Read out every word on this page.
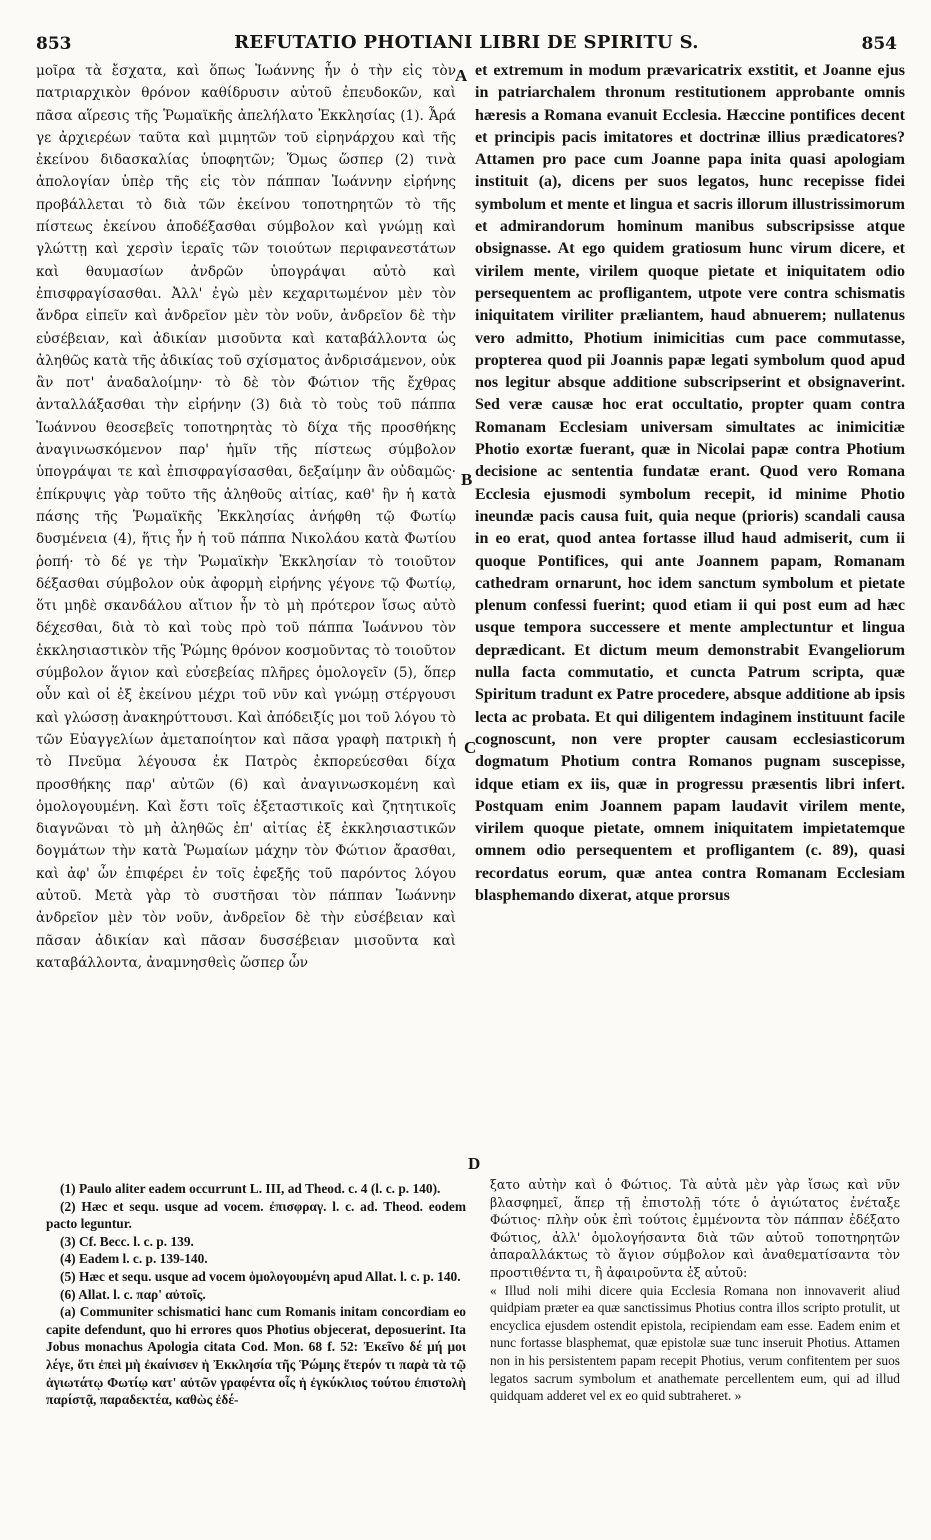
853	REFUTATIO PHOTIANI LIBRI DE SPIRITU S.	854

μοῖρα τὰ ἔσχατα, καὶ ὅπως Ἰωάννης ἦν ὁ τὴν εἰς τὸν πατριαρχικὸν θρόνον καθίδρυσιν αὐτοῦ ἐπευδοκῶν, καὶ πᾶσα αἵρεσις τῆς Ῥωμαϊκῆς ἀπελήλατο Ἐκκλησίας (1). Ἆρά γε ἀρχιερέων ταῦτα καὶ μιμητῶν τοῦ εἰρηνάρχου καὶ τῆς ἐκείνου διδασκαλίας ὑποφητῶν; Ὅμως ὥσπερ (2) τινὰ ἀπολογίαν ὑπὲρ τῆς εἰς τὸν πάππαν Ἰωάννην εἰρήνης προβάλλεται τὸ διὰ τῶν ἐκείνου τοποτηρητῶν τὸ τῆς πίστεως ἐκείνου ἀποδέξασθαι σύμβολον καὶ γνώμῃ καὶ γλώττῃ καὶ χερσὶν ἱεραῖς τῶν τοιούτων περιφανεστάτων καὶ θαυμασίων ἀνδρῶν ὑπογράψαι αὐτὸ καὶ ἐπισφραγίσασθαι. Ἀλλ' ἐγὼ μὲν κεχαριτωμένον μὲν τὸν ἄνδρα εἰπεῖν καὶ ἀνδρεῖον μὲν τὸν νοῦν, ἀνδρεῖον δὲ τὴν εὐσέβειαν, καὶ ἀδικίαν μισοῦντα καὶ καταβάλλοντα ὡς ἀληθῶς κατὰ τῆς ἀδικίας τοῦ σχίσματος ἀνδρισάμενον, οὐκ ἂν ποτ' ἀναδαλοίμην· τὸ δὲ τὸν Φώτιον τῆς ἔχθρας ἀνταλλάξασθαι τὴν εἰρήνην (3) διὰ τὸ τοὺς τοῦ πάππα Ἰωάννου θεοσεβεῖς τοποτηρητὰς τὸ δίχα τῆς προσθήκης ἀναγινωσκόμενον παρ' ἡμῖν τῆς πίστεως σύμβολον ὑπογράψαι τε καὶ ἐπισφραγίσασθαι, δεξαίμην ἂν οὐδαμῶς· ἐπίκρυψις γὰρ τοῦτο τῆς ἀληθοῦς αἰτίας, καθ' ἣν ἡ κατὰ πάσης τῆς Ῥωμαϊκῆς Ἐκκλησίας ἀνήφθη τῷ Φωτίῳ δυσμένεια (4), ἥτις ἦν ἡ τοῦ πάππα Νικολάου κατὰ Φωτίου ῥοπή· τὸ δέ γε τὴν Ῥωμαϊκὴν Ἐκκλησίαν τὸ τοιοῦτον δέξασθαι σύμβολον οὐκ ἀφορμὴ εἰρήνης γέγονε τῷ Φωτίῳ, ὅτι μηδὲ σκανδάλου αἴτιον ἦν τὸ μὴ πρότερον ἴσως αὐτὸ δέχεσθαι, διὰ τὸ καὶ τοὺς πρὸ τοῦ πάππα Ἰωάννου τὸν ἐκκλησιαστικὸν τῆς Ῥώμης θρόνον κοσμοῦντας τὸ τοιοῦτον σύμβολον ἅγιον καὶ εὐσεβείας πλῆρες ὁμολογεῖν (5), ὅπερ οὖν καὶ οἱ ἐξ ἐκείνου μέχρι τοῦ νῦν καὶ γνώμῃ στέργουσι καὶ γλώσσῃ ἀνακηρύττουσι. Καὶ ἀπόδειξίς μοι τοῦ λόγου τὸ τῶν Εὐαγγελίων ἀμεταποίητον καὶ πᾶσα γραφὴ πατρικὴ ἡ τὸ Πνεῦμα λέγουσα ἐκ Πατρὸς ἐκπορεύεσθαι δίχα προσθήκης παρ' αὐτῶν (6) καὶ ἀναγινωσκομένη καὶ ὁμολογουμένη. Καὶ ἔστι τοῖς ἐξεταστικοῖς καὶ ζητητικοῖς διαγνῶναι τὸ μὴ ἀληθῶς ἐπ' αἰτίας ἐξ ἐκκλησιαστικῶν δογμάτων τὴν κατὰ Ῥωμαίων μάχην τὸν Φώτιον ἄρασθαι, καὶ ἀφ' ὧν ἐπιφέρει ἐν τοῖς ἐφεξῆς τοῦ παρόντος λόγου αὐτοῦ. Μετὰ γὰρ τὸ συστῆσαι τὸν πάππαν Ἰωάννην ἀνδρεῖον μὲν τὸν νοῦν, ἀνδρεῖον δὲ τὴν εὐσέβειαν καὶ πᾶσαν ἀδικίαν καὶ πᾶσαν δυσσέβειαν μισοῦντα καὶ καταβάλλοντα, ἀναμνησθεὶς ὥσπερ ὧν

A
B
C
D

et extremum in modum prævaricatrix exstitit, et Joanne ejus in patriarchalem thronum restitutionem approbante omnis hæresis a Romana evanuit Ecclesia. Hæccine pontifices decent et principis pacis imitatores et doctrinæ illius prædicatores? Attamen pro pace cum Joanne papa inita quasi apologiam instituit (a), dicens per suos legatos, hunc recepisse fidei symbolum et mente et lingua et sacris illorum illustrissimorum et admirandorum hominum manibus subscripsisse atque obsignasse. At ego quidem gratiosum hunc virum dicere, et virilem mente, virilem quoque pietate et iniquitatem odio persequentem ac profligantem, utpote vere contra schismatis iniquitatem viriliter præliantem, haud abnuerem; nullatenus vero admitto, Photium inimicitias cum pace commutasse, propterea quod pii Joannis papæ legati symbolum quod apud nos legitur absque additione subscripserint et obsignaverint. Sed veræ causæ hoc erat occultatio, propter quam contra Romanam Ecclesiam universam simultates ac inimicitiæ Photio exortæ fuerant, quæ in Nicolai papæ contra Photium decisione ac sententia fundatæ erant. Quod vero Romana Ecclesia ejusmodi symbolum recepit, id minime Photio ineundæ pacis causa fuit, quia neque (prioris) scandali causa in eo erat, quod antea fortasse illud haud admiserit, cum ii quoque Pontifices, qui ante Joannem papam, Romanam cathedram ornarunt, hoc idem sanctum symbolum et pietate plenum confessi fuerint; quod etiam ii qui post eum ad hæc usque tempora successere et mente amplectuntur et lingua deprædicant. Et dictum meum demonstrabit Evangeliorum nulla facta commutatio, et cuncta Patrum scripta, quæ Spiritum tradunt ex Patre procedere, absque additione ab ipsis lecta ac probata. Et qui diligentem indaginem instituunt facile cognoscunt, non vere propter causam ecclesiasticorum dogmatum Photium contra Romanos pugnam suscepisse, idque etiam ex iis, quæ in progressu præsentis libri infert. Postquam enim Joannem papam laudavit virilem mente, virilem quoque pietate, omnem iniquitatem impietatemque omnem odio persequentem et profligantem (c. 89), quasi recordatus eorum, quæ antea contra Romanam Ecclesiam blasphemando dixerat, atque prorsus

(1) Paulo aliter eadem occurrunt L. III, ad Theod. c. 4 (l. c. p. 140).
(2) Hæc et sequ. usque ad vocem. ἐπισφραγ. l. c. ad. Theod. eodem pacto leguntur.
(3) Cf. Becc. l. c. p. 139.
(4) Eadem l. c. p. 139-140.
(5) Hæc et sequ. usque ad vocem ὁμολογουμένη apud Allat. l. c. p. 140.
(6) Allat. l. c. παρ' αὐτοῖς.
(a) Communiter schismatici hanc cum Romanis initam concordiam eo capite defendunt, quo hi errores quos Photius objecerat, deposuerint. Ita Jobus monachus Apologia citata Cod. Mon. 68 f. 52: Ἐκεῖνο δέ μή μοι λέγε, ὅτι ἐπεὶ μὴ ἐκαίνισεν ἡ Ἐκκλησία τῆς Ῥώμης ἕτερόν τι παρὰ τὰ τῷ ἁγιωτάτῳ Φωτίῳ κατ' αὐτῶν γραφέντα οἷς ἡ ἐγκύκλιος τούτου ἐπιστολὴ παρίστᾷ, παραδεκτέα, καθὼς ἐδέ-
ξατο αὐτὴν καὶ ὁ Φώτιος. Τὰ αὐτὰ μὲν γὰρ ἴσως καὶ νῦν βλασφημεῖ, ἅπερ τῇ ἐπιστολῇ τότε ὁ ἁγιώτατος ἐνέταξε Φώτιος· πλὴν οὐκ ἐπὶ τούτοις ἐμμένοντα τὸν πάππαν ἐδέξατο Φώτιος, ἀλλ' ὁμολογήσαντα διὰ τῶν αὐτοῦ τοποτηρητῶν ἀπαραλλάκτως τὸ ἅγιον σύμβολον καὶ ἀναθεματίσαντα τὸν προστιθέντα τι, ἢ ἀφαιροῦντα ἐξ αὐτοῦ:
« Illud noli mihi dicere quia Ecclesia Romana non innovaverit aliud quidpiam præter ea quæ sanctissimus Photius contra illos scripto protulit, ut encyclica ejusdem ostendit epistola, recipiendam eam esse. Eadem enim et nunc fortasse blasphemat, quæ epistolæ suæ tunc inseruit Photius. Attamen non in his persistentem papam recepit Photius, verum confitentem per suos legatos sacrum symbolum et anathemate percellentem eum, qui ad illud quidquam adderet vel ex eo quid subtraheret. »
